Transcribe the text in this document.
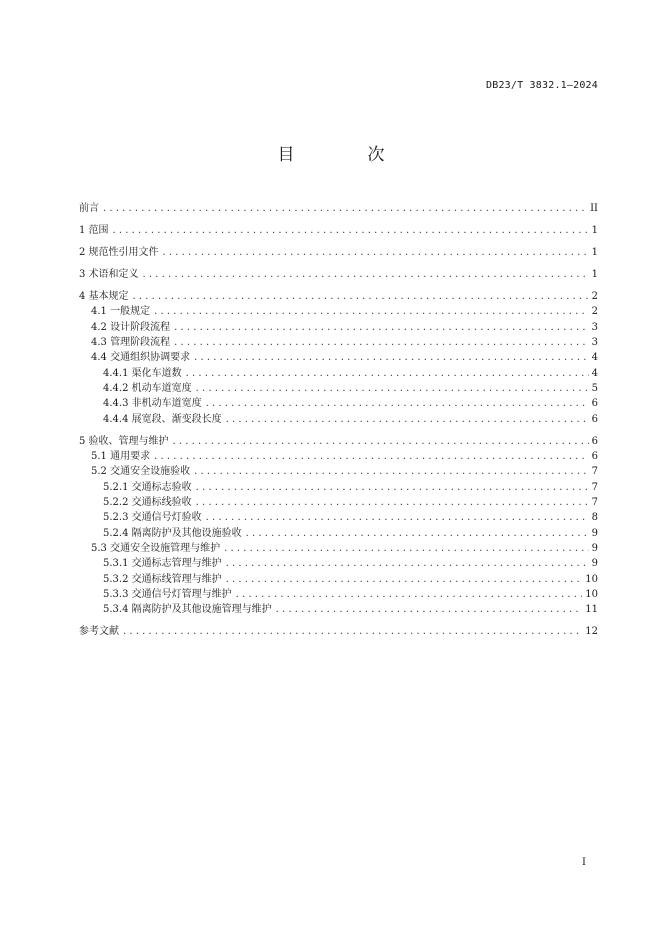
DB23/T 3832.1—2024
目　次
前言 .....	II
1 范围 .....	1
2 规范性引用文件 .....	1
3 术语和定义 .....	1
4 基本规定 .....	2
4.1 一般规定 .....	2
4.2 设计阶段流程 .....	3
4.3 管理阶段流程 .....	3
4.4 交通组织协调要求 .....	4
4.4.1 渠化车道数 .....	4
4.4.2 机动车道宽度 .....	5
4.4.3 非机动车道宽度 .....	6
4.4.4 展宽段、渐变段长度 .....	6
5 验收、管理与维护 .....	6
5.1 通用要求 .....	6
5.2 交通安全设施验收 .....	7
5.2.1 交通标志验收 .....	7
5.2.2 交通标线验收 .....	7
5.2.3 交通信号灯验收 .....	8
5.2.4 隔离防护及其他设施验收 .....	9
5.3 交通安全设施管理与维护 .....	9
5.3.1 交通标志管理与维护 .....	9
5.3.2 交通标线管理与维护 .....	10
5.3.3 交通信号灯管理与维护 .....	10
5.3.4 隔离防护及其他设施管理与维护 .....	11
参考文献 .....	12
I
